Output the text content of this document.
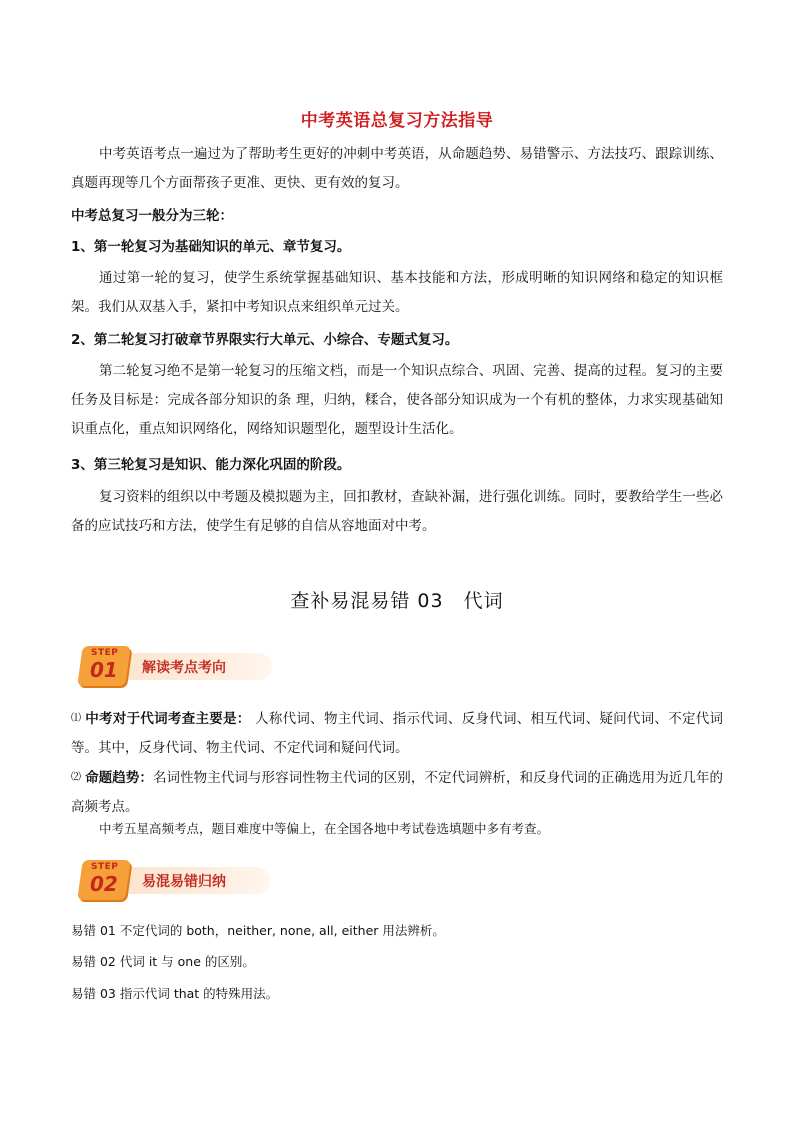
中考英语总复习方法指导
中考英语考点一遍过为了帮助考生更好的冲刺中考英语，从命题趋势、易错警示、方法技巧、跟踪训练、真题再现等几个方面帮孩子更准、更快、更有效的复习。
中考总复习一般分为三轮：
1、第一轮复习为基础知识的单元、章节复习。
通过第一轮的复习，使学生系统掌握基础知识、基本技能和方法，形成明晰的知识网络和稳定的知识框架。我们从双基入手，紧扣中考知识点来组织单元过关。
2、第二轮复习打破章节界限实行大单元、小综合、专题式复习。
第二轮复习绝不是第一轮复习的压缩文档，而是一个知识点综合、巩固、完善、提高的过程。复习的主要任务及目标是：完成各部分知识的条 理，归纳，糅合，使各部分知识成为一个有机的整体，力求实现基础知识重点化，重点知识网络化，网络知识题型化，题型设计生活化。
3、第三轮复习是知识、能力深化巩固的阶段。
复习资料的组织以中考题及模拟题为主，回扣教材，查缺补漏，进行强化训练。同时，要教给学生一些必备的应试技巧和方法，使学生有足够的自信从容地面对中考。
查补易混易错 03　代词
STEP
01 解读考点考向
⑴ 中考对于代词考查主要是： 人称代词、物主代词、指示代词、反身代词、相互代词、疑问代词、不定代词等。其中，反身代词、物主代词、不定代词和疑问代词。
⑵ 命题趋势：名词性物主代词与形容词性物主代词的区别，不定代词辨析，和反身代词的正确选用为近几年的高频考点。
中考五星高频考点，题目难度中等偏上，在全国各地中考试卷选填题中多有考查。
STEP
02 易混易错归纳
易错 01 不定代词的 both，neither, none, all, either 用法辨析。
易错 02 代词 it 与 one 的区别。
易错 03 指示代词 that 的特殊用法。
